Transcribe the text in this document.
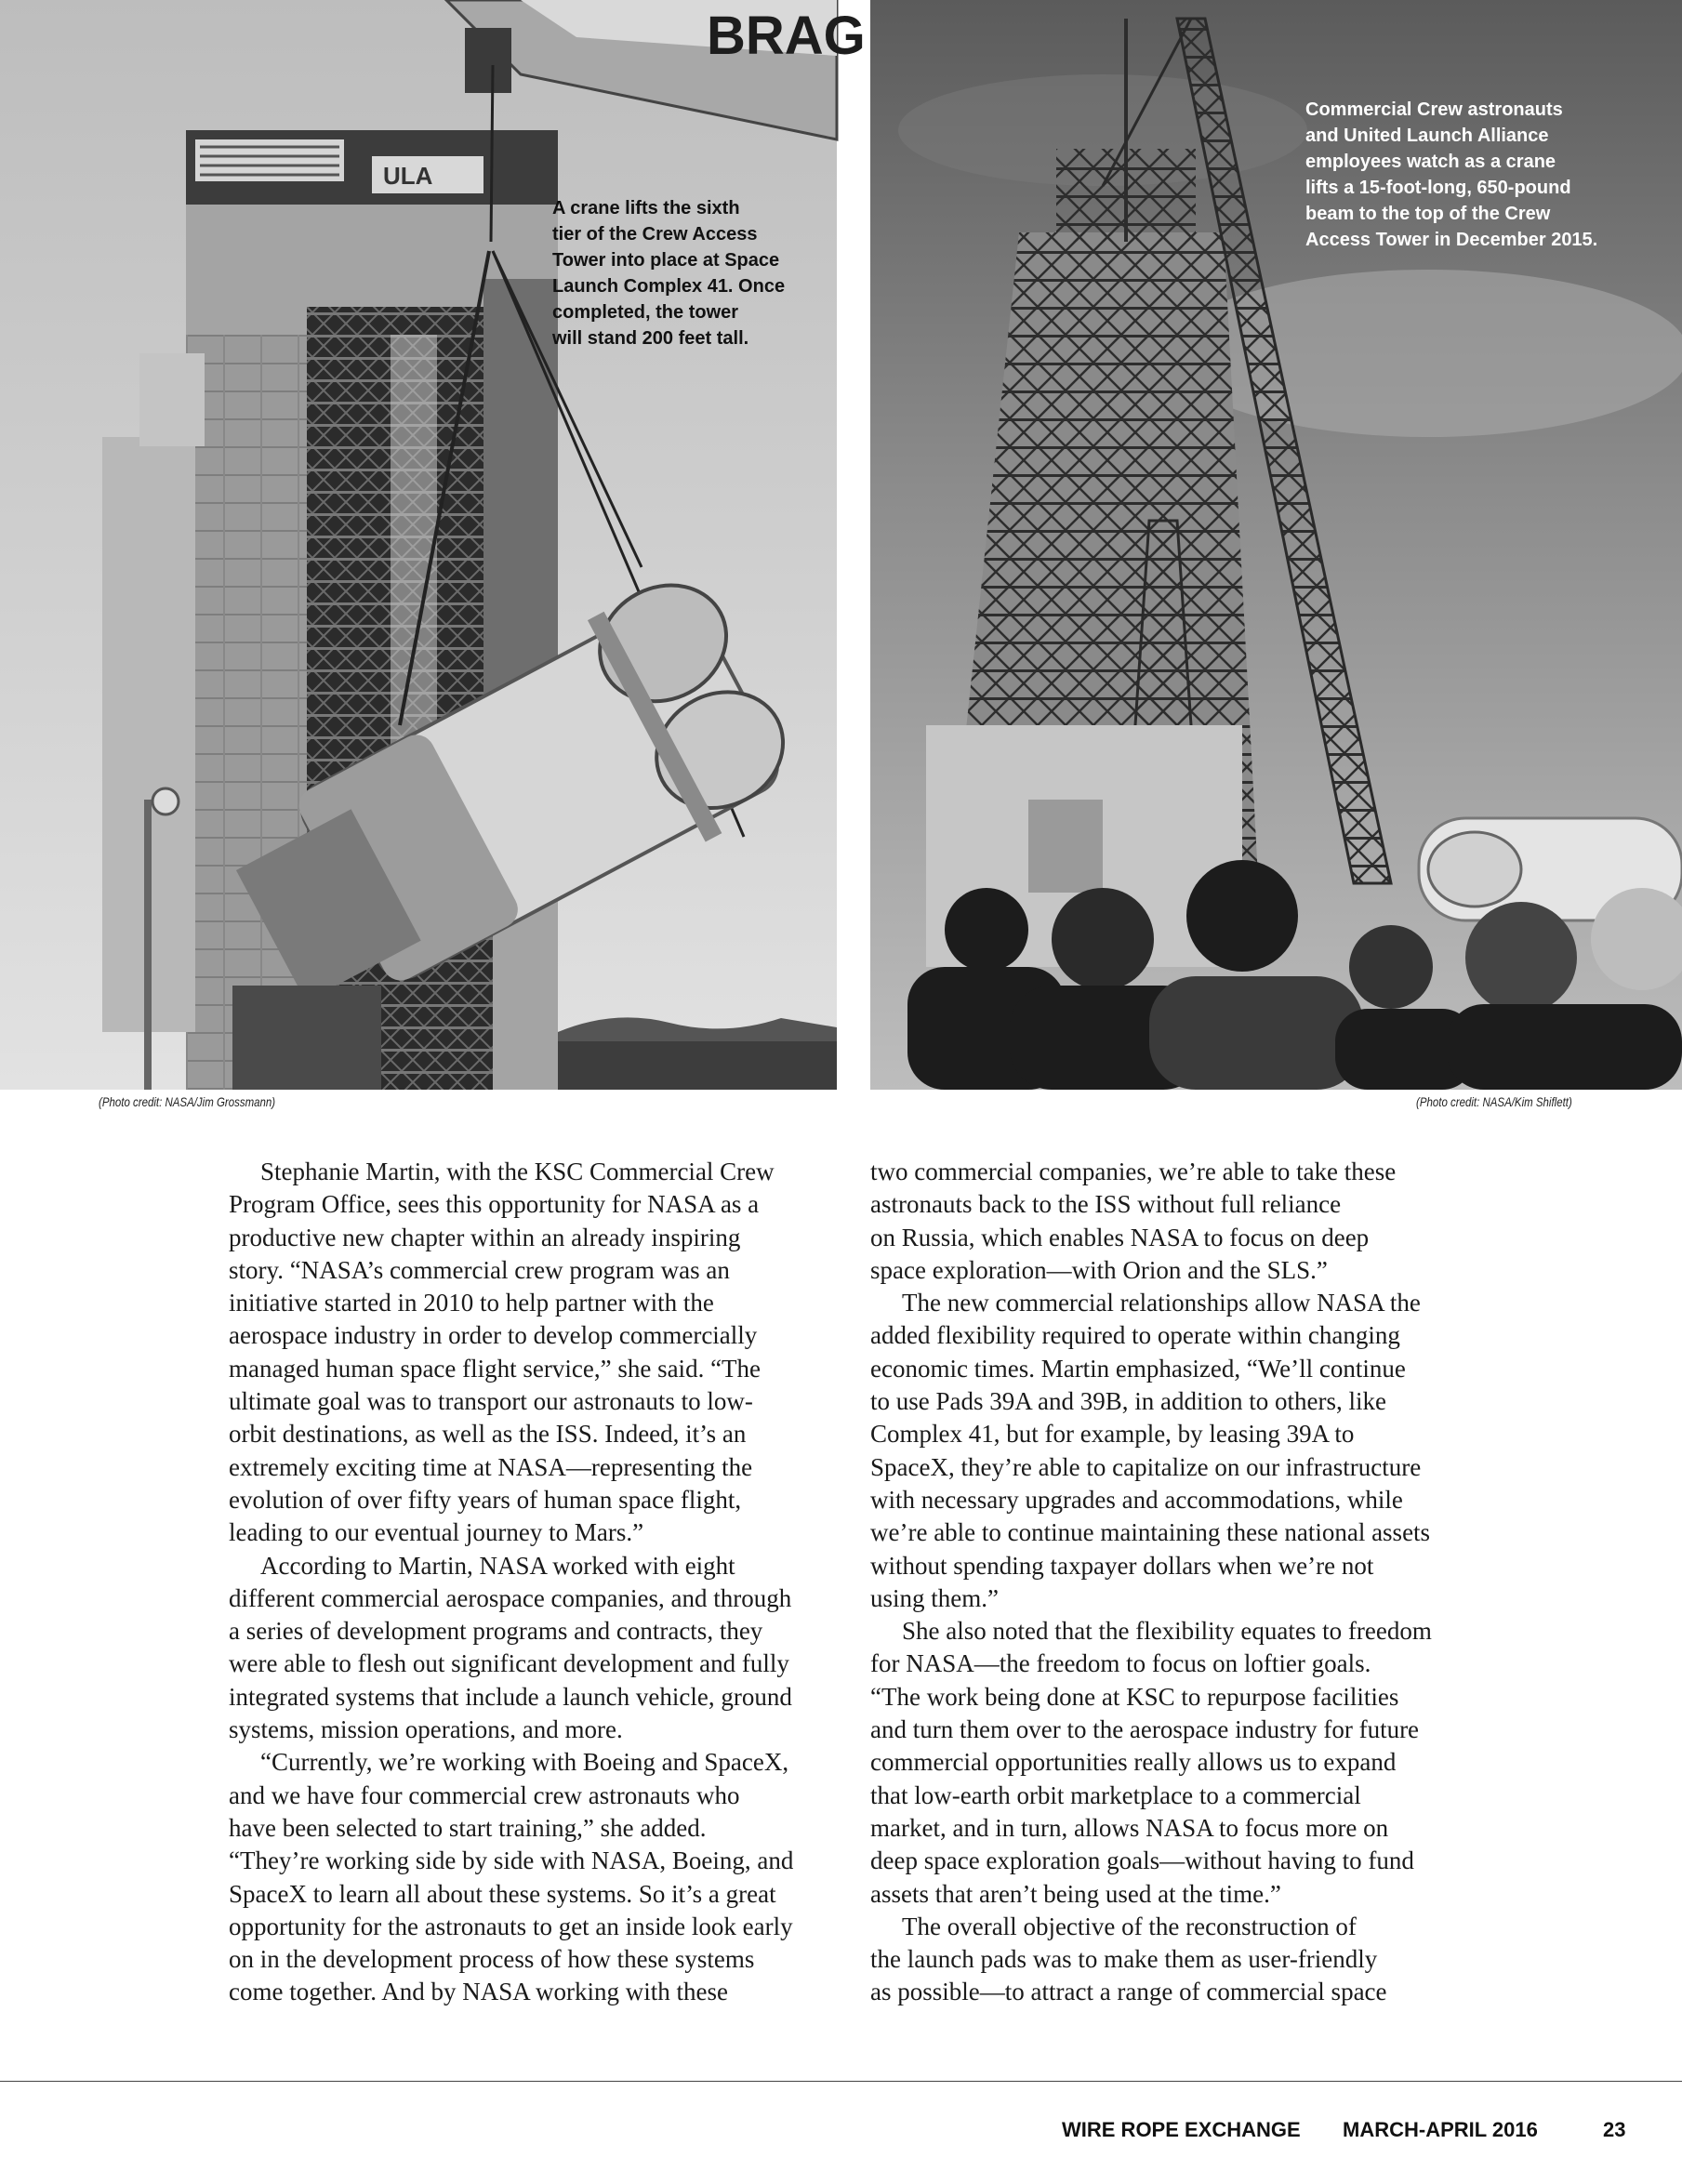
ULA
BRAG

A crane lifts the sixth
tier of the Crew Access
Tower into place at Space
Launch Complex 41. Once
completed, the tower
will stand 200 feet tall.

Commercial Crew astronauts
and United Launch Alliance
employees watch as a crane
lifts a 15-foot-long, 650-pound
beam to the top of the Crew
Access Tower in December 2015.

(Photo credit: NASA/Jim Grossmann)	(Photo credit: NASA/Kim Shiflett)

Stephanie Martin, with the KSC Commercial Crew
Program Office, sees this opportunity for NASA as a
productive new chapter within an already inspiring
story. “NASA’s commercial crew program was an
initiative started in 2010 to help partner with the
aerospace industry in order to develop commercially
managed human space flight service,” she said. “The
ultimate goal was to transport our astronauts to low-
orbit destinations, as well as the ISS. Indeed, it’s an
extremely exciting time at NASA—representing the
evolution of over fifty years of human space flight,
leading to our eventual journey to Mars.”

According to Martin, NASA worked with eight
different commercial aerospace companies, and through
a series of development programs and contracts, they
were able to flesh out significant development and fully
integrated systems that include a launch vehicle, ground
systems, mission operations, and more.

“Currently, we’re working with Boeing and SpaceX,
and we have four commercial crew astronauts who
have been selected to start training,” she added.
“They’re working side by side with NASA, Boeing, and
SpaceX to learn all about these systems. So it’s a great
opportunity for the astronauts to get an inside look early
on in the development process of how these systems
come together. And by NASA working with these

two commercial companies, we’re able to take these
astronauts back to the ISS without full reliance
on Russia, which enables NASA to focus on deep
space exploration—with Orion and the SLS.”

The new commercial relationships allow NASA the
added flexibility required to operate within changing
economic times. Martin emphasized, “We’ll continue
to use Pads 39A and 39B, in addition to others, like
Complex 41, but for example, by leasing 39A to
SpaceX, they’re able to capitalize on our infrastructure
with necessary upgrades and accommodations, while
we’re able to continue maintaining these national assets
without spending taxpayer dollars when we’re not
using them.”

She also noted that the flexibility equates to freedom
for NASA—the freedom to focus on loftier goals.
“The work being done at KSC to repurpose facilities
and turn them over to the aerospace industry for future
commercial opportunities really allows us to expand
that low-earth orbit marketplace to a commercial
market, and in turn, allows NASA to focus more on
deep space exploration goals—without having to fund
assets that aren’t being used at the time.”

The overall objective of the reconstruction of
the launch pads was to make them as user-friendly
as possible—to attract a range of commercial space

WIRE ROPE EXCHANGE MARCH-APRIL 2016	23
